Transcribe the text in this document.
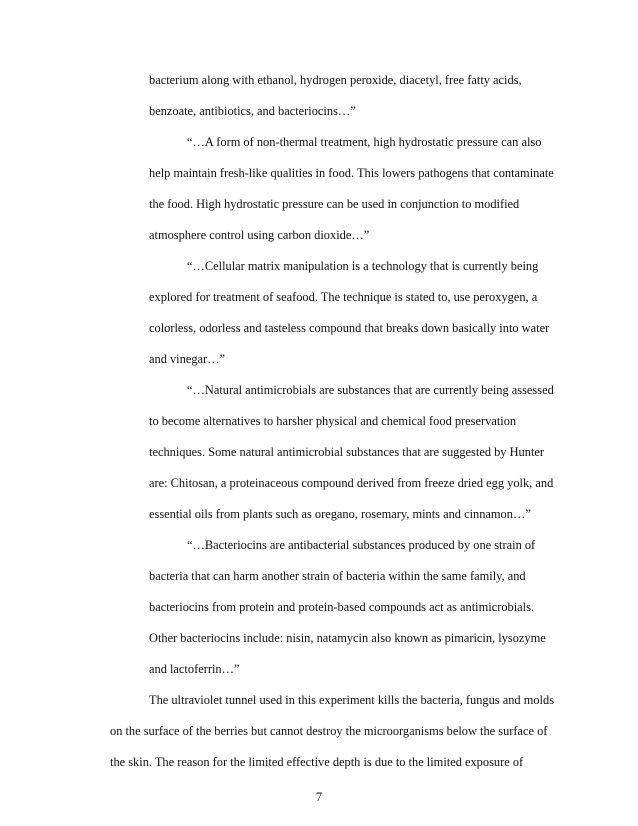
bacterium along with ethanol, hydrogen peroxide, diacetyl, free fatty acids,
benzoate, antibiotics, and bacteriocins…”
“…A form of non-thermal treatment, high hydrostatic pressure can also
help maintain fresh-like qualities in food. This lowers pathogens that contaminate
the food. High hydrostatic pressure can be used in conjunction to modified
atmosphere control using carbon dioxide…”
“…Cellular matrix manipulation is a technology that is currently being
explored for treatment of seafood. The technique is stated to, use peroxygen, a
colorless, odorless and tasteless compound that breaks down basically into water
and vinegar…”
“…Natural antimicrobials are substances that are currently being assessed
to become alternatives to harsher physical and chemical food preservation
techniques. Some natural antimicrobial substances that are suggested by Hunter
are: Chitosan, a proteinaceous compound derived from freeze dried egg yolk, and
essential oils from plants such as oregano, rosemary, mints and cinnamon…”
“…Bacteriocins are antibacterial substances produced by one strain of
bacteria that can harm another strain of bacteria within the same family, and
bacteriocins from protein and protein-based compounds act as antimicrobials.
Other bacteriocins include: nisin, natamycin also known as pimaricin, lysozyme
and lactoferrin…”
The ultraviolet tunnel used in this experiment kills the bacteria, fungus and molds
on the surface of the berries but cannot destroy the microorganisms below the surface of
the skin. The reason for the limited effective depth is due to the limited exposure of
7
